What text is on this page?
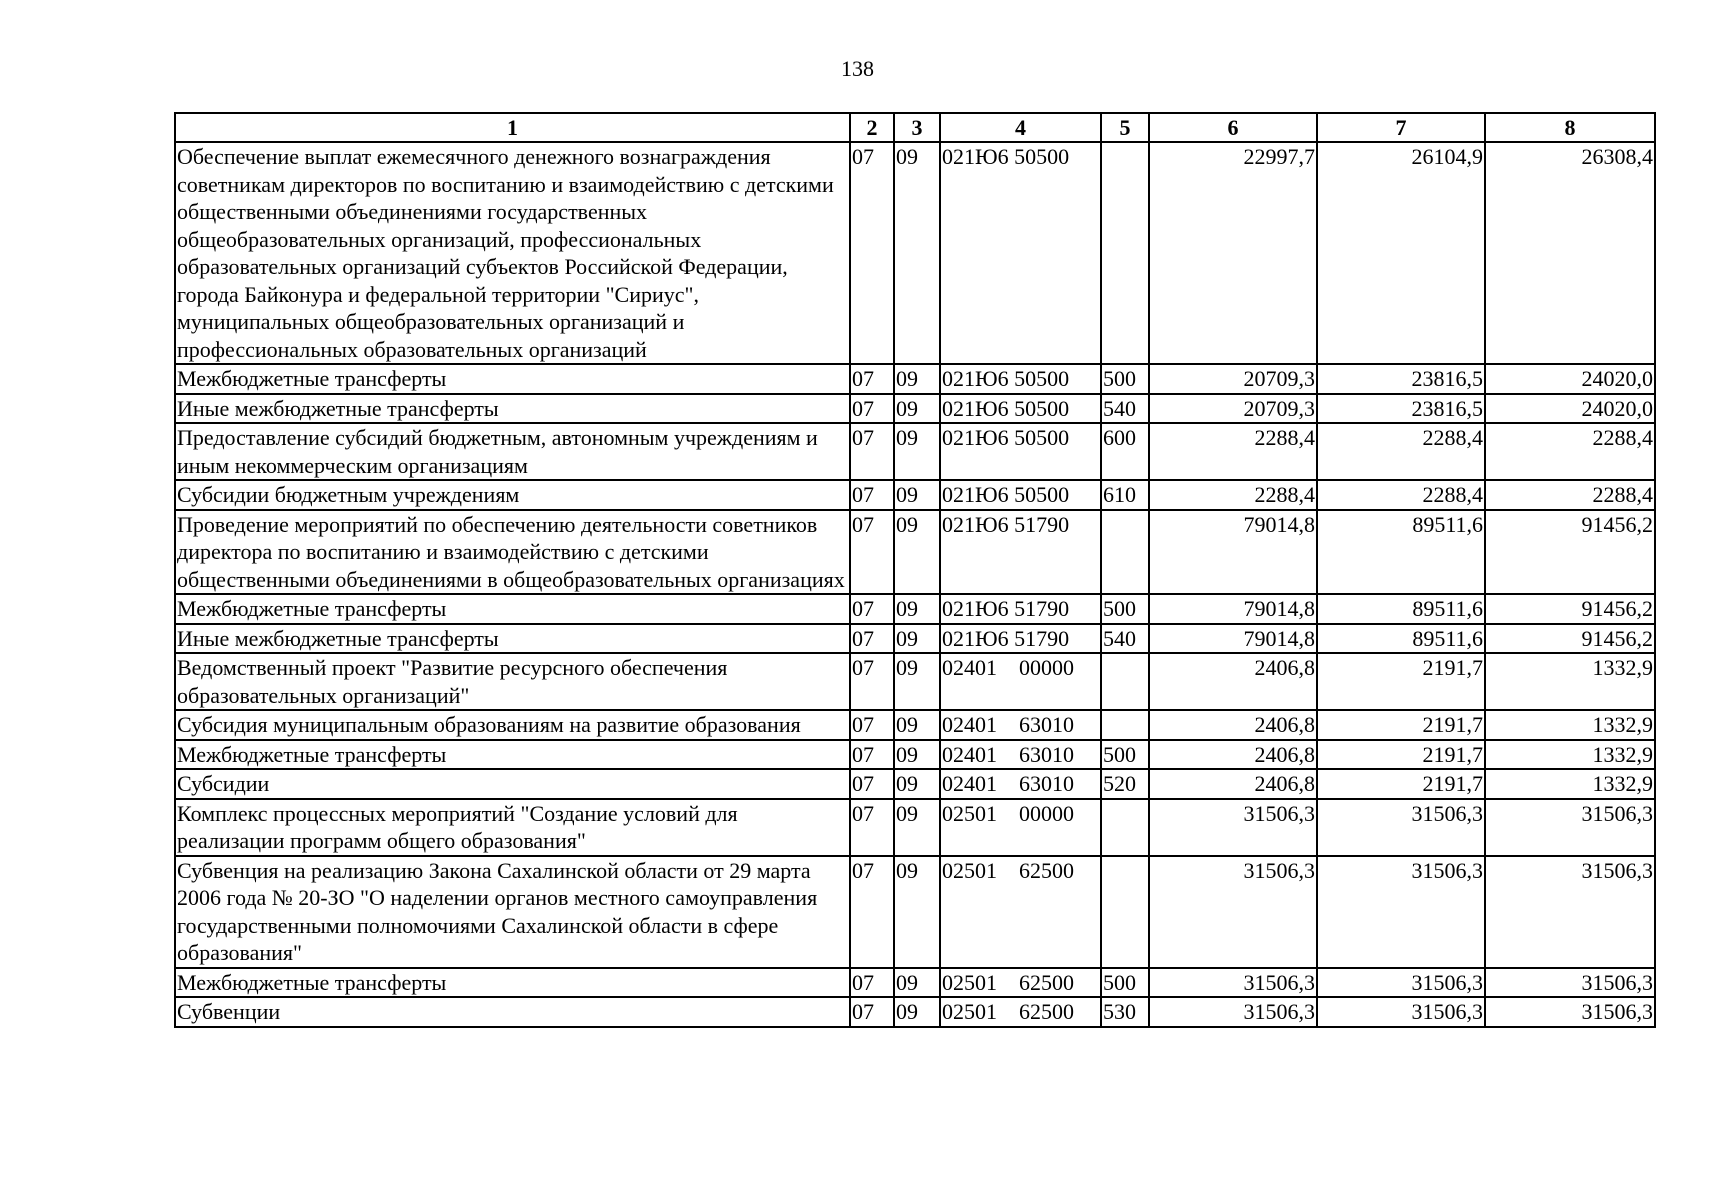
138
1	2	3	4	5	6	7	8
Обеспечение выплат ежемесячного денежного вознаграждения советникам директоров по воспитанию и взаимодействию с детскими общественными объединениями государственных общеобразовательных организаций, профессиональных образовательных организаций субъектов Российской Федерации, города Байконура и федеральной территории "Сириус", муниципальных общеобразовательных организаций и профессиональных образовательных организаций	07	09	021Ю6 50500		22997,7	26104,9	26308,4
Межбюджетные трансферты	07	09	021Ю6 50500	500	20709,3	23816,5	24020,0
Иные межбюджетные трансферты	07	09	021Ю6 50500	540	20709,3	23816,5	24020,0
Предоставление субсидий бюджетным, автономным учреждениям и иным некоммерческим организациям	07	09	021Ю6 50500	600	2288,4	2288,4	2288,4
Субсидии бюджетным учреждениям	07	09	021Ю6 50500	610	2288,4	2288,4	2288,4
Проведение мероприятий по обеспечению деятельности советников директора по воспитанию и взаимодействию с детскими общественными объединениями в общеобразовательных организациях	07	09	021Ю6 51790		79014,8	89511,6	91456,2
Межбюджетные трансферты	07	09	021Ю6 51790	500	79014,8	89511,6	91456,2
Иные межбюджетные трансферты	07	09	021Ю6 51790	540	79014,8	89511,6	91456,2
Ведомственный проект "Развитие ресурсного обеспечения образовательных организаций"	07	09	02401    00000		2406,8	2191,7	1332,9
Субсидия муниципальным образованиям на развитие образования	07	09	02401    63010		2406,8	2191,7	1332,9
Межбюджетные трансферты	07	09	02401    63010	500	2406,8	2191,7	1332,9
Субсидии	07	09	02401    63010	520	2406,8	2191,7	1332,9
Комплекс процессных мероприятий "Создание условий для реализации программ общего образования"	07	09	02501    00000		31506,3	31506,3	31506,3
Субвенция на реализацию Закона Сахалинской области от 29 марта 2006 года № 20-ЗО "О наделении органов местного самоуправления государственными полномочиями Сахалинской области в сфере образования"	07	09	02501    62500		31506,3	31506,3	31506,3
Межбюджетные трансферты	07	09	02501    62500	500	31506,3	31506,3	31506,3
Субвенции	07	09	02501    62500	530	31506,3	31506,3	31506,3
